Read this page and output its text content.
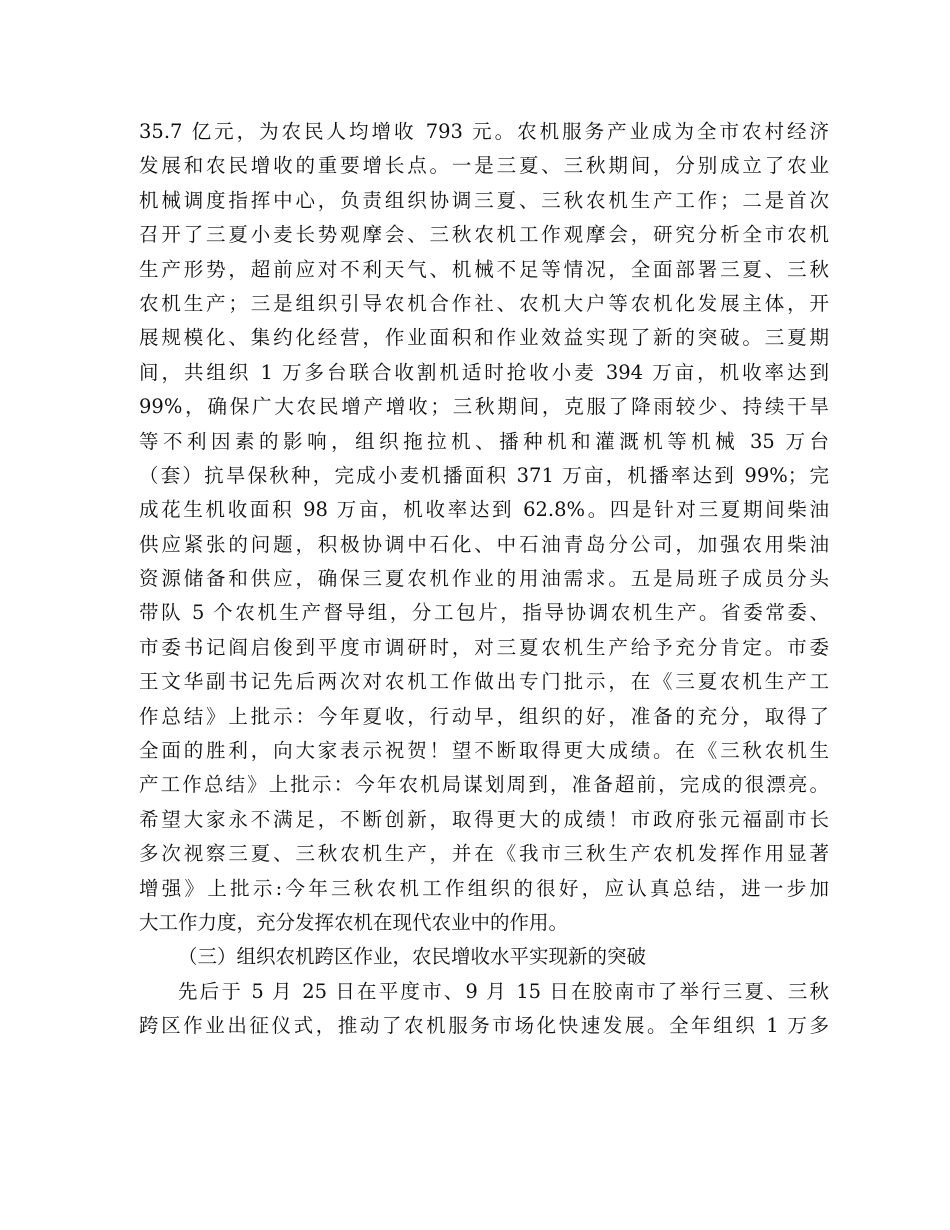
35.7 亿元，为农民人均增收 793 元。农机服务产业成为全市农村经济
发展和农民增收的重要增长点。一是三夏、三秋期间，分别成立了农业
机械调度指挥中心，负责组织协调三夏、三秋农机生产工作；二是首次
召开了三夏小麦长势观摩会、三秋农机工作观摩会，研究分析全市农机
生产形势，超前应对不利天气、机械不足等情况，全面部署三夏、三秋
农机生产；三是组织引导农机合作社、农机大户等农机化发展主体，开
展规模化、集约化经营，作业面积和作业效益实现了新的突破。三夏期
间，共组织 1 万多台联合收割机适时抢收小麦 394 万亩，机收率达到
99%，确保广大农民增产增收；三秋期间，克服了降雨较少、持续干旱
等不利因素的影响，组织拖拉机、播种机和灌溉机等机械 35 万台
（套）抗旱保秋种，完成小麦机播面积 371 万亩，机播率达到 99%；完
成花生机收面积 98 万亩，机收率达到 62.8%。四是针对三夏期间柴油
供应紧张的问题，积极协调中石化、中石油青岛分公司，加强农用柴油
资源储备和供应，确保三夏农机作业的用油需求。五是局班子成员分头
带队 5 个农机生产督导组，分工包片，指导协调农机生产。省委常委、
市委书记阎启俊到平度市调研时，对三夏农机生产给予充分肯定。市委
王文华副书记先后两次对农机工作做出专门批示，在《三夏农机生产工
作总结》上批示：今年夏收，行动早，组织的好，准备的充分，取得了
全面的胜利，向大家表示祝贺！望不断取得更大成绩。在《三秋农机生
产工作总结》上批示：今年农机局谋划周到，准备超前，完成的很漂亮。
希望大家永不满足，不断创新，取得更大的成绩！市政府张元福副市长
多次视察三夏、三秋农机生产，并在《我市三秋生产农机发挥作用显著
增强》上批示:今年三秋农机工作组织的很好，应认真总结，进一步加
大工作力度，充分发挥农机在现代农业中的作用。
（三）组织农机跨区作业，农民增收水平实现新的突破
先后于 5 月 25 日在平度市、9 月 15 日在胶南市了举行三夏、三秋
跨区作业出征仪式，推动了农机服务市场化快速发展。全年组织 1 万多
